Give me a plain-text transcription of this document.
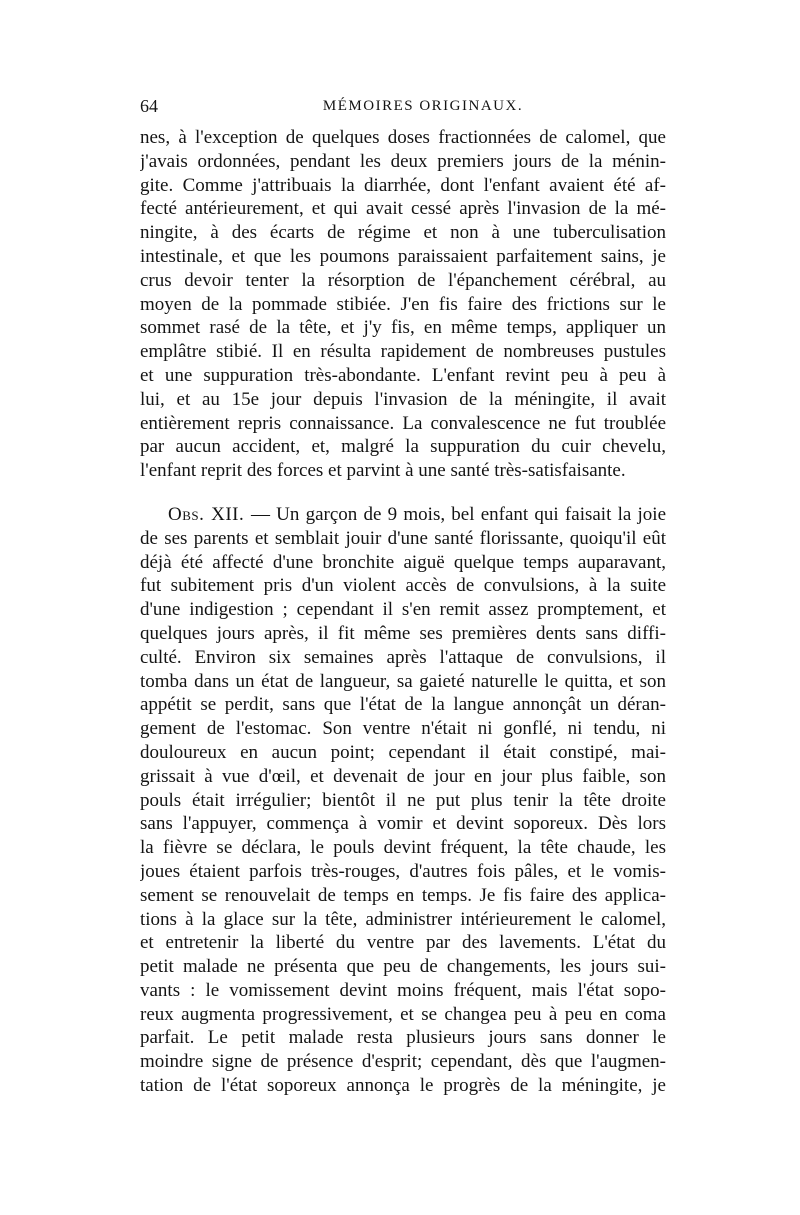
64	MÉMOIRES ORIGINAUX.
nes, à l'exception de quelques doses fractionnées de calomel, que
j'avais ordonnées, pendant les deux premiers jours de la ménin-
gite. Comme j'attribuais la diarrhée, dont l'enfant avaient été af-
fecté antérieurement, et qui avait cessé après l'invasion de la mé-
ningite, à des écarts de régime et non à une tuberculisation
intestinale, et que les poumons paraissaient parfaitement sains, je
crus devoir tenter la résorption de l'épanchement cérébral, au
moyen de la pommade stibiée. J'en fis faire des frictions sur le
sommet rasé de la tête, et j'y fis, en même temps, appliquer un
emplâtre stibié. Il en résulta rapidement de nombreuses pustules
et une suppuration très-abondante. L'enfant revint peu à peu à
lui, et au 15e jour depuis l'invasion de la méningite, il avait
entièrement repris connaissance. La convalescence ne fut troublée
par aucun accident, et, malgré la suppuration du cuir chevelu,
l'enfant reprit des forces et parvint à une santé très-satisfaisante.
Obs. XII. — Un garçon de 9 mois, bel enfant qui faisait la joie
de ses parents et semblait jouir d'une santé florissante, quoiqu'il eût
déjà été affecté d'une bronchite aiguë quelque temps auparavant,
fut subitement pris d'un violent accès de convulsions, à la suite
d'une indigestion ; cependant il s'en remit assez promptement, et
quelques jours après, il fit même ses premières dents sans diffi-
culté. Environ six semaines après l'attaque de convulsions, il
tomba dans un état de langueur, sa gaieté naturelle le quitta, et son
appétit se perdit, sans que l'état de la langue annonçât un déran-
gement de l'estomac. Son ventre n'était ni gonflé, ni tendu, ni
douloureux en aucun point; cependant il était constipé, mai-
grissait à vue d'œil, et devenait de jour en jour plus faible, son
pouls était irrégulier; bientôt il ne put plus tenir la tête droite
sans l'appuyer, commença à vomir et devint soporeux. Dès lors
la fièvre se déclara, le pouls devint fréquent, la tête chaude, les
joues étaient parfois très-rouges, d'autres fois pâles, et le vomis-
sement se renouvelait de temps en temps. Je fis faire des applica-
tions à la glace sur la tête, administrer intérieurement le calomel,
et entretenir la liberté du ventre par des lavements. L'état du
petit malade ne présenta que peu de changements, les jours sui-
vants : le vomissement devint moins fréquent, mais l'état sopo-
reux augmenta progressivement, et se changea peu à peu en coma
parfait. Le petit malade resta plusieurs jours sans donner le
moindre signe de présence d'esprit; cependant, dès que l'augmen-
tation de l'état soporeux annonça le progrès de la méningite, je
